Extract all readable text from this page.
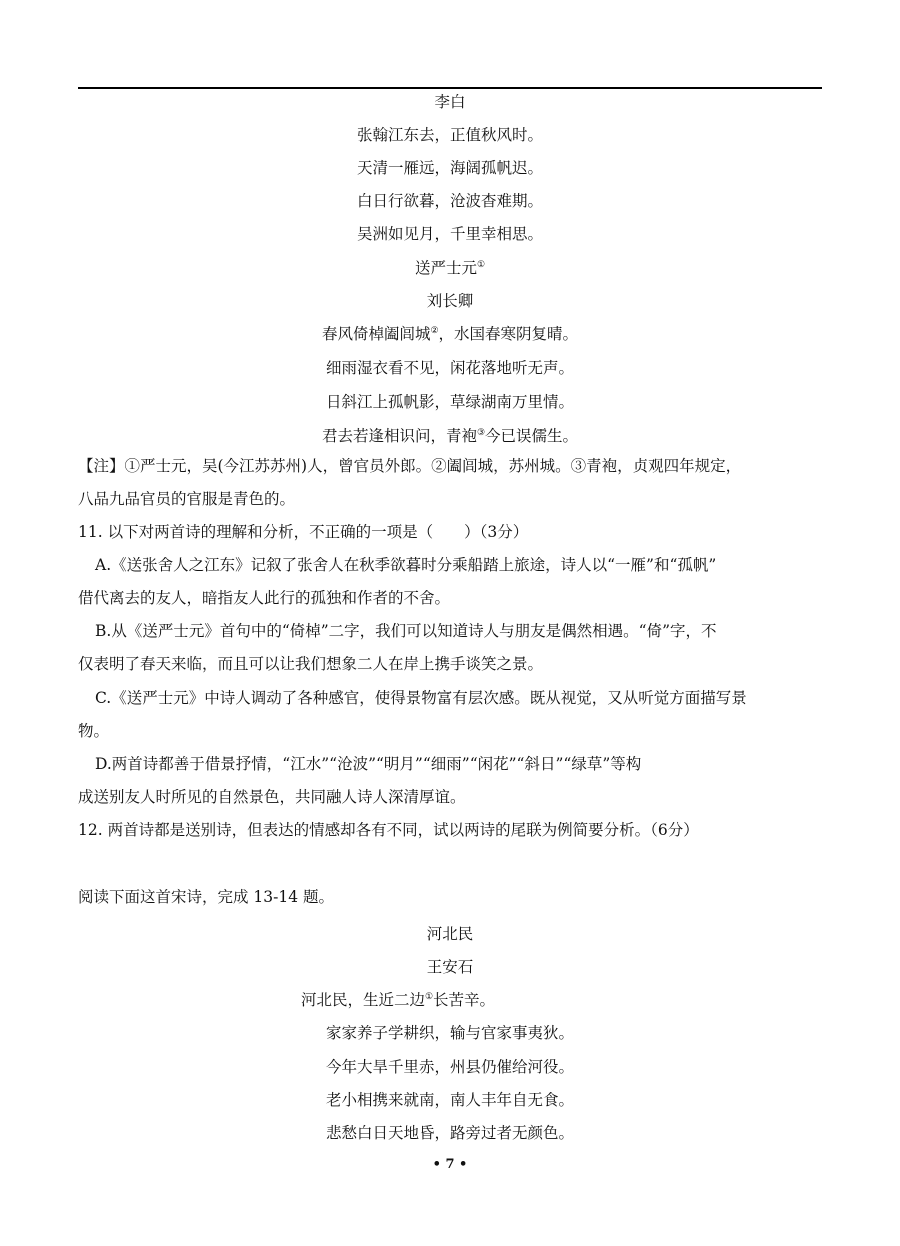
李白
张翰江东去，正值秋风时。
天清一雁远，海阔孤帆迟。
白日行欲暮，沧波杳难期。
吴洲如见月，千里幸相思。
送严士元①
刘长卿
春风倚棹阖闾城②，水国春寒阴复晴。
细雨湿衣看不见，闲花落地听无声。
日斜江上孤帆影，草绿湖南万里情。
君去若逢相识问，青袍③今已误儒生。
【注】①严士元，吴(今江苏苏州)人，曾官员外郎。②阖闾城，苏州城。③青袍，贞观四年规定，
八品九品官员的官服是青色的。
11. 以下对两首诗的理解和分析，不正确的一项是（　　）（3分）
A.《送张舍人之江东》记叙了张舍人在秋季欲暮时分乘船踏上旅途，诗人以“一雁”和“孤帆”
借代离去的友人，暗指友人此行的孤独和作者的不舍。
B.从《送严士元》首句中的“倚棹”二字，我们可以知道诗人与朋友是偶然相遇。“倚”字，不
仅表明了春天来临，而且可以让我们想象二人在岸上携手谈笑之景。
C.《送严士元》中诗人调动了各种感官，使得景物富有层次感。既从视觉，又从听觉方面描写景
物。
D.两首诗都善于借景抒情，“江水”“沧波”“明月”“细雨”“闲花”“斜日”“绿草”等构
成送别友人时所见的自然景色，共同融人诗人深清厚谊。
12. 两首诗都是送别诗，但表达的情感却各有不同，试以两诗的尾联为例简要分析。（6分）
阅读下面这首宋诗，完成 13-14 题。
河北民
王安石
河北民，生近二边①长苦辛。
家家养子学耕织，输与官家事夷狄。
今年大旱千里赤，州县仍催给河役。
老小相携来就南，南人丰年自无食。
悲愁白日天地昏，路旁过者无颜色。
• 7 •
